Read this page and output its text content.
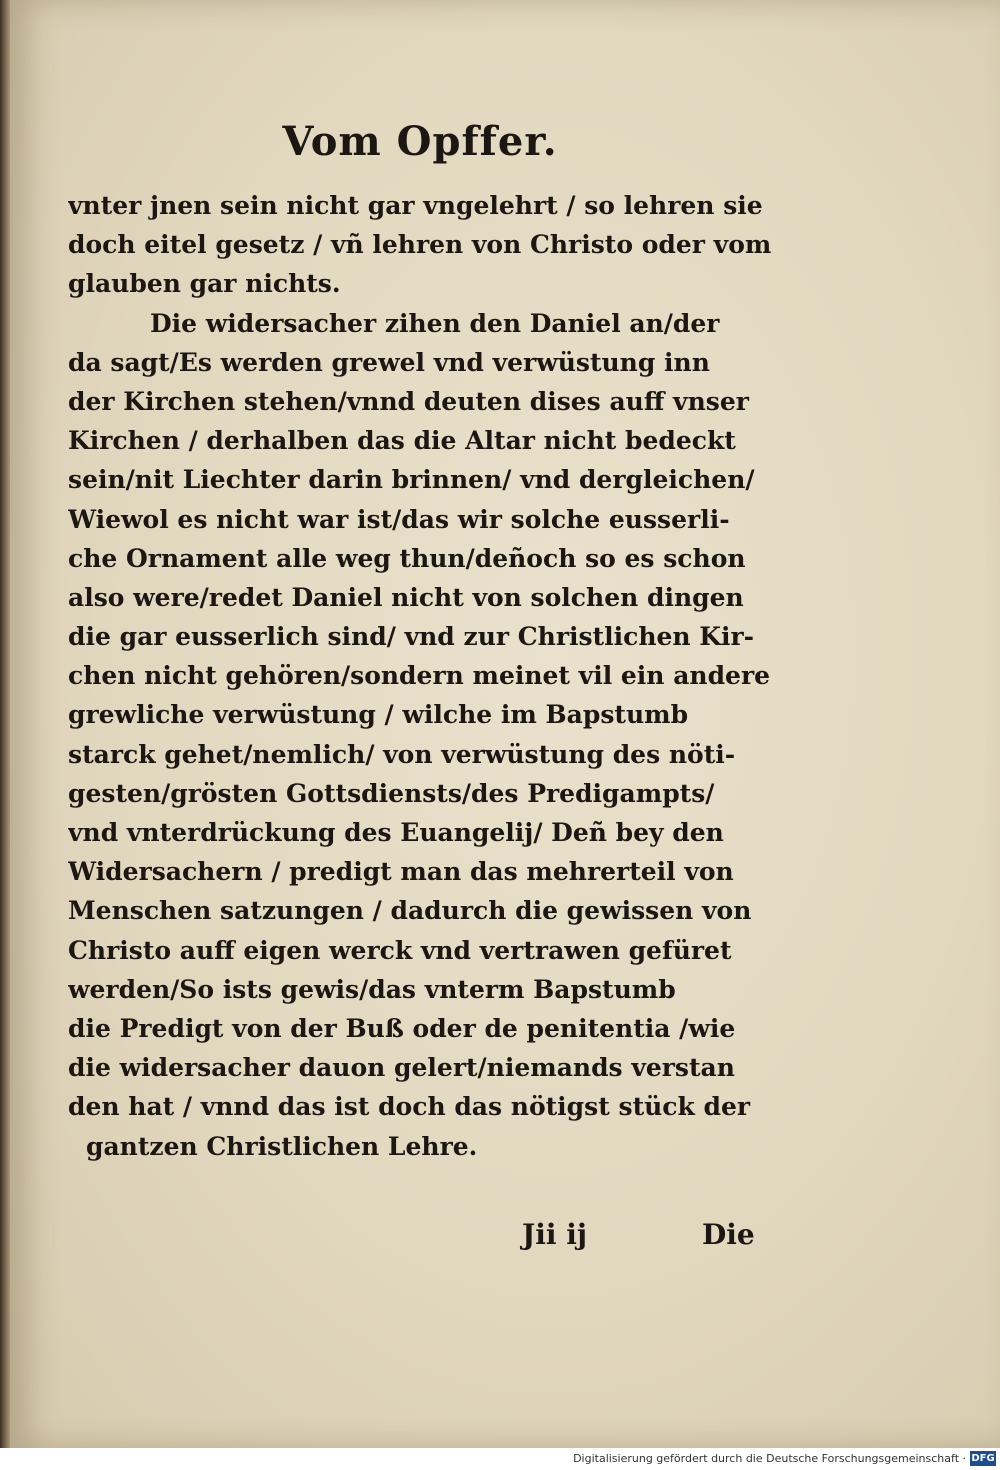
Vom Opffer.
vnter jnen sein nicht gar vngelehrt / so lehren sie
doch eitel gesetz / vñ lehren von Christo oder vom
glauben gar nichts.
Die widersacher zihen den Daniel an/der
da sagt/Es werden grewel vnd verwüstung inn
der Kirchen stehen/vnnd deuten dises auff vnser
Kirchen / derhalben das die Altar nicht bedeckt
sein/nit Liechter darin brinnen/ vnd dergleichen/
Wiewol es nicht war ist/das wir solche eusserli-
che Ornament alle weg thun/deñoch so es schon
also were/redet Daniel nicht von solchen dingen
die gar eusserlich sind/ vnd zur Christlichen Kir-
chen nicht gehören/sondern meinet vil ein andere
grewliche verwüstung / wilche im Bapstumb
starck gehet/nemlich/ von verwüstung des nöti-
gesten/grösten Gottsdiensts/des Predigampts/
vnd vnterdrückung des Euangelij/ Deñ bey den
Widersachern / predigt man das mehrerteil von
Menschen satzungen / dadurch die gewissen von
Christo auff eigen werck vnd vertrawen gefüret
werden/So ists gewis/das vnterm Bapstumb
die Predigt von der Buß oder de penitentia /wie
die widersacher dauon gelert/niemands verstan
den hat / vnnd das ist doch das nötigst stück der
gantzen Christlichen Lehre.
Jii ij	Die
Digitalisierung gefördert durch die Deutsche Forschungsgemeinschaft · DFG
